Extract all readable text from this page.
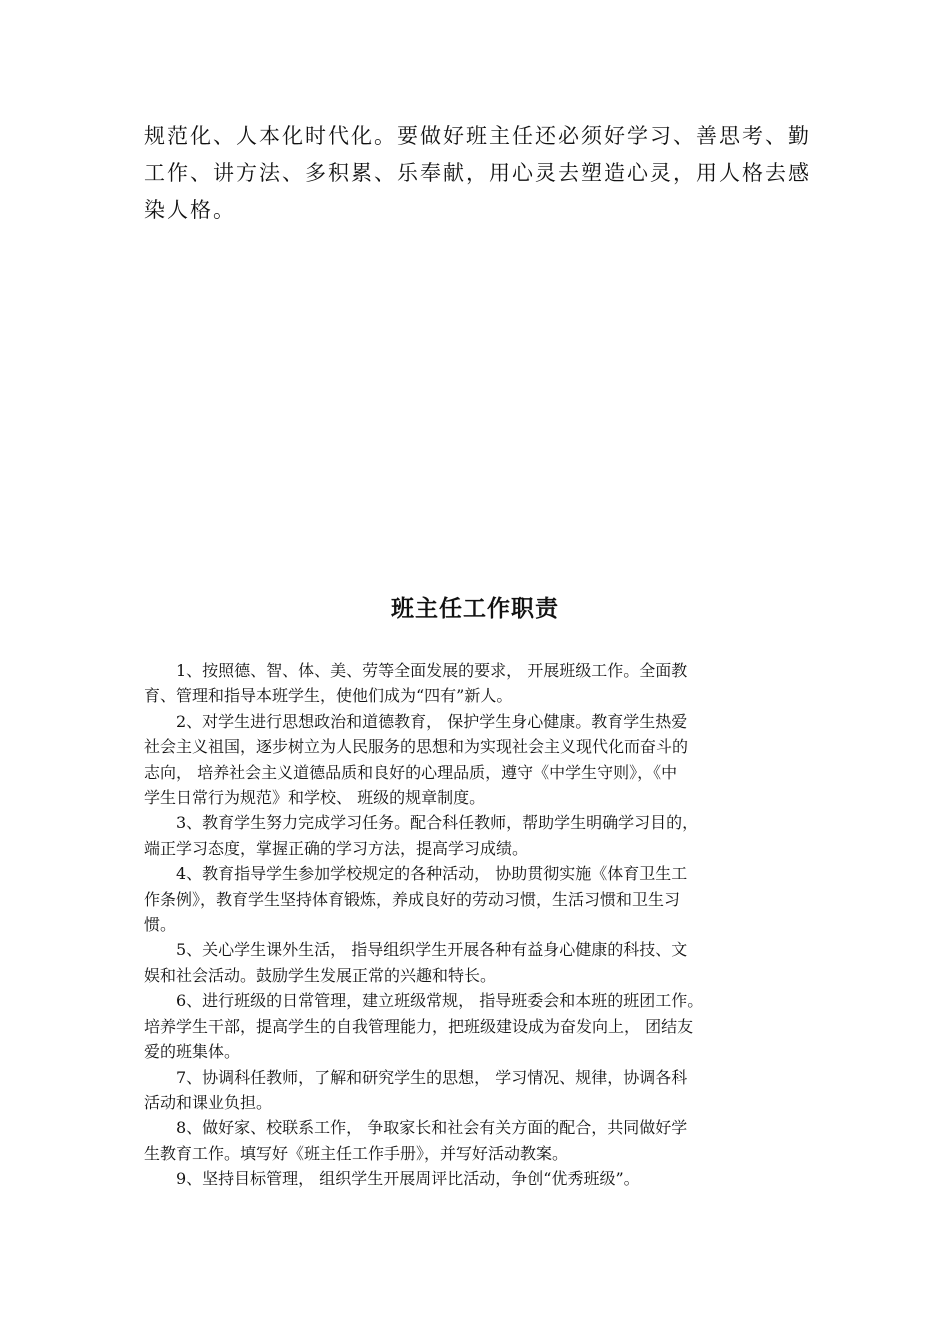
规范化、人本化时代化。要做好班主任还必须好学习、善思考、勤
工作、讲方法、多积累、乐奉献，用心灵去塑造心灵，用人格去感
染人格。
班主任工作职责
1、按照德、智、体、美、劳等全面发展的要求， 开展班级工作。全面教
育、管理和指导本班学生，使他们成为“四有”新人。
2、对学生进行思想政治和道德教育， 保护学生身心健康。教育学生热爱
社会主义祖国，逐步树立为人民服务的思想和为实现社会主义现代化而奋斗的
志向， 培养社会主义道德品质和良好的心理品质，遵守《中学生守则》，《中
学生日常行为规范》和学校、 班级的规章制度。
3、教育学生努力完成学习任务。配合科任教师，帮助学生明确学习目的，
端正学习态度，掌握正确的学习方法，提高学习成绩。
4、教育指导学生参加学校规定的各种活动， 协助贯彻实施《体育卫生工
作条例》，教育学生坚持体育锻炼，养成良好的劳动习惯，生活习惯和卫生习
惯。
5、关心学生课外生活， 指导组织学生开展各种有益身心健康的科技、文
娱和社会活动。鼓励学生发展正常的兴趣和特长。
6、进行班级的日常管理，建立班级常规， 指导班委会和本班的班团工作。
培养学生干部，提高学生的自我管理能力，把班级建设成为奋发向上， 团结友
爱的班集体。
7、协调科任教师，了解和研究学生的思想， 学习情况、规律，协调各科
活动和课业负担。
8、做好家、校联系工作， 争取家长和社会有关方面的配合，共同做好学
生教育工作。填写好《班主任工作手册》，并写好活动教案。
9、坚持目标管理， 组织学生开展周评比活动，争创“优秀班级”。
